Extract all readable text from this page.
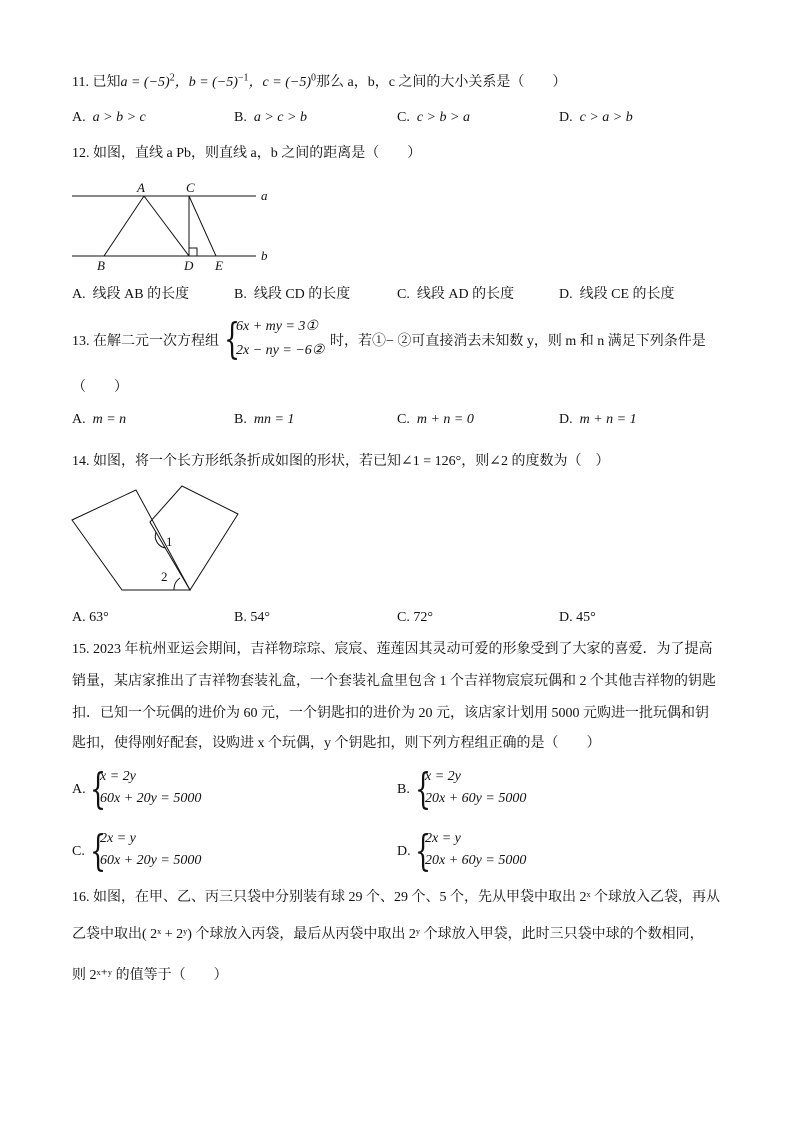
11. 已知$a = (-5)^2$，$b = (-5)^{-1}$，$c = (-5)^0$那么 a，b，c 之间的大小关系是（　　）
A. a > b > c	B. a > c > b	C. c > b > a	D. c > a > b
12. 如图，直线 a Pb，则直线 a，b 之间的距离是（　　）
A	C
a
B	D E
b
A. 线段 AB 的长度	B. 线段 CD 的长度	C. 线段 AD 的长度	D. 线段 CE 的长度
13. 在解二元一次方程组 {
6x + my = 3①
2x − ny = −6②
时，若①− ②可直接消去未知数 y，则 m 和 n 满足下列条件是
（　　）
A. m = n	B. mn = 1	C. m + n = 0	D. m + n = 1
14. 如图，将一个长方形纸条折成如图的形状，若已知∠1 = 126°，则∠2 的度数为（　）
1
2
A. 63°	B. 54°	C. 72°	D. 45°
15. 2023 年杭州亚运会期间，吉祥物琮琮、宸宸、莲莲因其灵动可爱的形象受到了大家的喜爱．为了提高
销量，某店家推出了吉祥物套装礼盒，一个套装礼盒里包含 1 个吉祥物宸宸玩偶和 2 个其他吉祥物的钥匙
扣．已知一个玩偶的进价为 60 元，一个钥匙扣的进价为 20 元，该店家计划用 5000 元购进一批玩偶和钥
匙扣，使得刚好配套，设购进 x 个玩偶，y 个钥匙扣，则下列方程组正确的是（　　）
A. {
x = 2y
60x + 20y = 5000
B. {
x = 2y
20x + 60y = 5000
C. {
2x = y
60x + 20y = 5000
D. {
2x = y
20x + 60y = 5000
16. 如图，在甲、乙、丙三只袋中分别装有球 29 个、29 个、5 个，先从甲袋中取出 2ˣ 个球放入乙袋，再从
乙袋中取出( 2ˣ + 2ʸ) 个球放入丙袋，最后从丙袋中取出 2ʸ 个球放入甲袋，此时三只袋中球的个数相同，
则 2ˣ⁺ʸ 的值等于（　　）
